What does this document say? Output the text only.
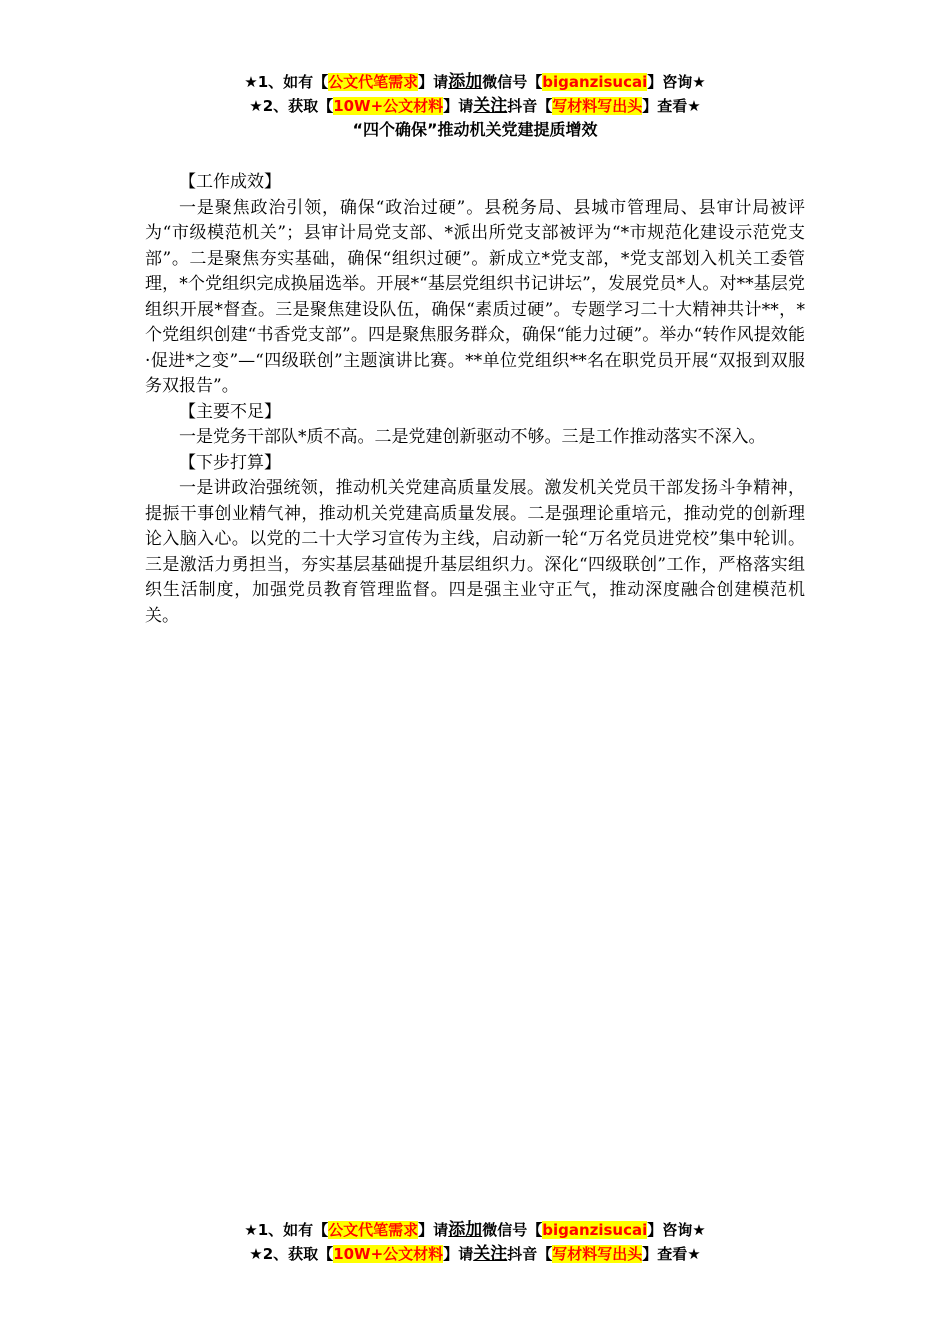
★1、如有【公文代笔需求】请添加微信号【biganzisucai】咨询★
★2、获取【10W+公文材料】请关注抖音【写材料写出头】查看★
“四个确保”推动机关党建提质增效

【工作成效】

一是聚焦政治引领，确保“政治过硬”。县税务局、县城市管理局、县审计局被评为“市级模范机关”；县审计局党支部、*派出所党支部被评为“*市规范化建设示范党支部”。二是聚焦夯实基础，确保“组织过硬”。新成立*党支部，*党支部划入机关工委管理，*个党组织完成换届选举。开展*“基层党组织书记讲坛”，发展党员*人。对**基层党组织开展*督查。三是聚焦建设队伍，确保“素质过硬”。专题学习二十大精神共计**，*个党组织创建“书香党支部”。四是聚焦服务群众，确保“能力过硬”。举办“转作风提效能·促进*之变”—“四级联创”主题演讲比赛。**单位党组织**名在职党员开展“双报到双服务双报告”。

【主要不足】

一是党务干部队*质不高。二是党建创新驱动不够。三是工作推动落实不深入。

【下步打算】

一是讲政治强统领，推动机关党建高质量发展。激发机关党员干部发扬斗争精神，提振干事创业精气神，推动机关党建高质量发展。二是强理论重培元，推动党的创新理论入脑入心。以党的二十大学习宣传为主线，启动新一轮“万名党员进党校”集中轮训。三是激活力勇担当，夯实基层基础提升基层组织力。深化“四级联创”工作，严格落实组织生活制度，加强党员教育管理监督。四是强主业守正气，推动深度融合创建模范机关。

★1、如有【公文代笔需求】请添加微信号【biganzisucai】咨询★
★2、获取【10W+公文材料】请关注抖音【写材料写出头】查看★
